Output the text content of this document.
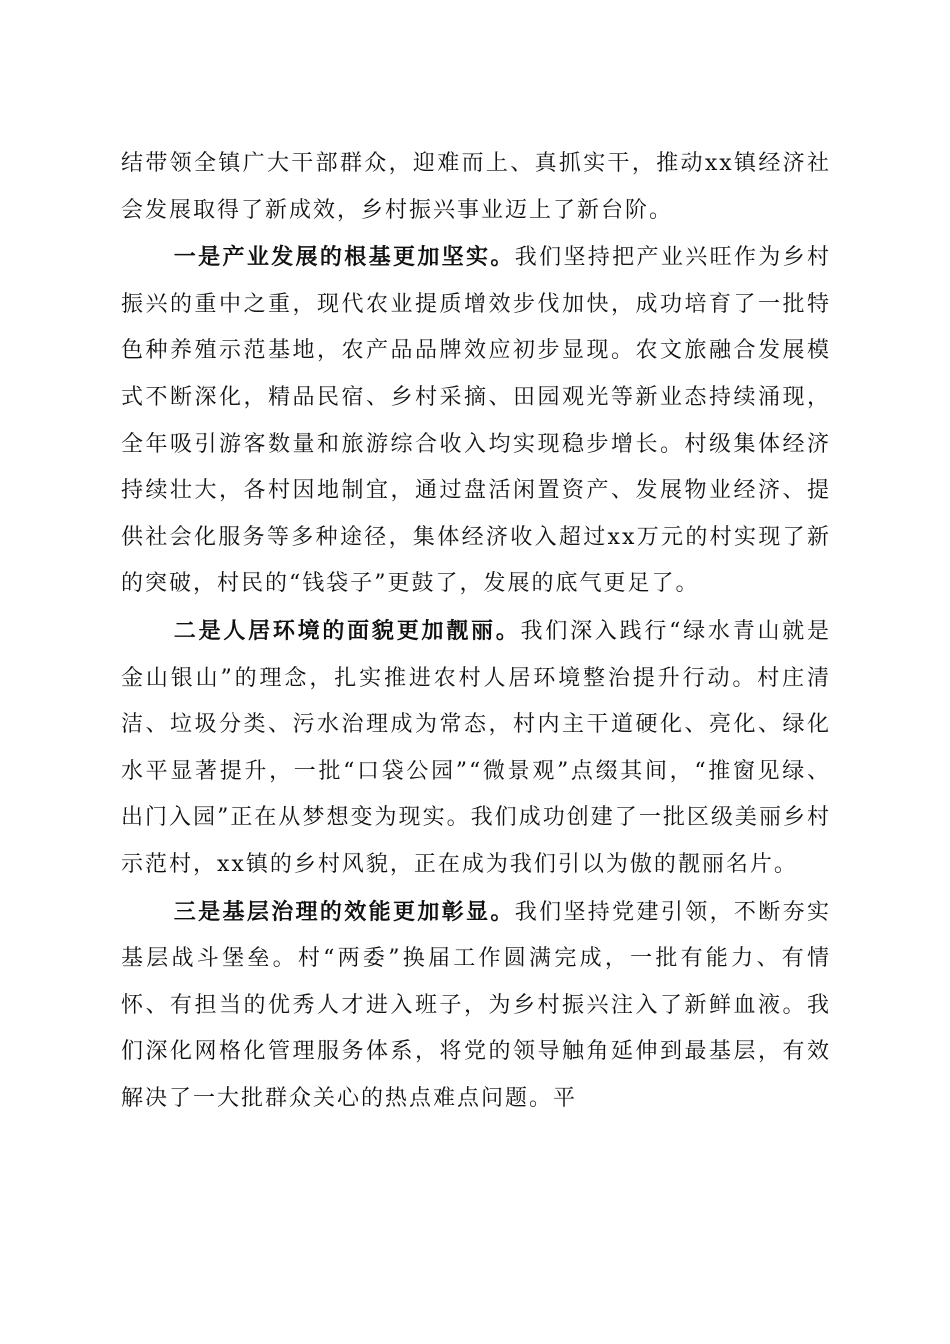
结带领全镇广大干部群众，迎难而上、真抓实干，推动xx镇经济社会发展取得了新成效，乡村振兴事业迈上了新台阶。

一是产业发展的根基更加坚实。我们坚持把产业兴旺作为乡村振兴的重中之重，现代农业提质增效步伐加快，成功培育了一批特色种养殖示范基地，农产品品牌效应初步显现。农文旅融合发展模式不断深化，精品民宿、乡村采摘、田园观光等新业态持续涌现，全年吸引游客数量和旅游综合收入均实现稳步增长。村级集体经济持续壮大，各村因地制宜，通过盘活闲置资产、发展物业经济、提供社会化服务等多种途径，集体经济收入超过xx万元的村实现了新的突破，村民的“钱袋子”更鼓了，发展的底气更足了。

二是人居环境的面貌更加靓丽。我们深入践行“绿水青山就是金山银山”的理念，扎实推进农村人居环境整治提升行动。村庄清洁、垃圾分类、污水治理成为常态，村内主干道硬化、亮化、绿化水平显著提升，一批“口袋公园”“微景观”点缀其间，“推窗见绿、出门入园”正在从梦想变为现实。我们成功创建了一批区级美丽乡村示范村，xx镇的乡村风貌，正在成为我们引以为傲的靓丽名片。

三是基层治理的效能更加彰显。我们坚持党建引领，不断夯实基层战斗堡垒。村“两委”换届工作圆满完成，一批有能力、有情怀、有担当的优秀人才进入班子，为乡村振兴注入了新鲜血液。我们深化网格化管理服务体系，将党的领导触角延伸到最基层，有效解决了一大批群众关心的热点难点问题。平
